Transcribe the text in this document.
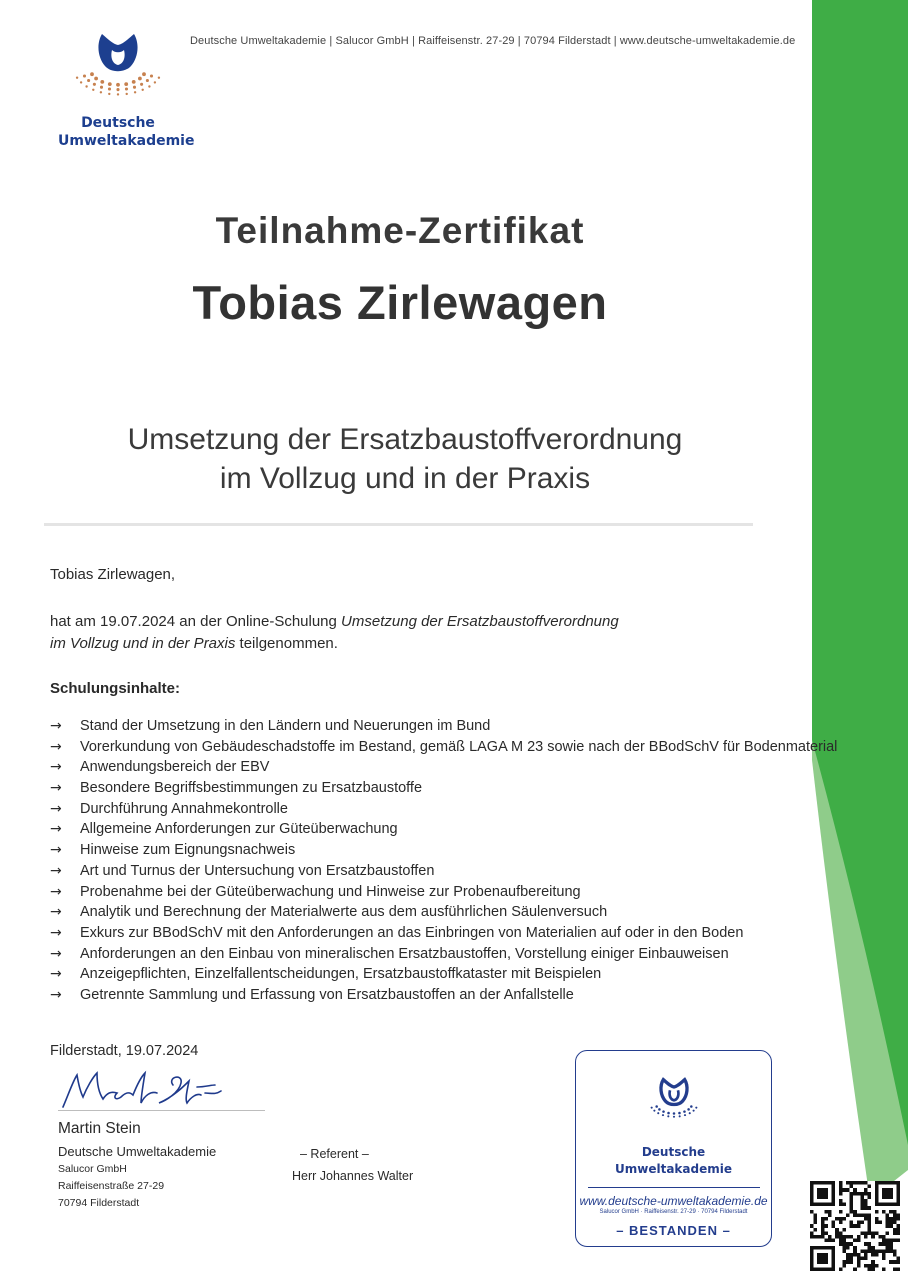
Deutsche Umweltakademie | Salucor GmbH | Raiffeisenstr. 27-29 | 70794 Filderstadt | www.deutsche-umweltakademie.de
Deutsche
Umweltakademie
Teilnahme-Zertifikat
Tobias Zirlewagen
Umsetzung der Ersatzbaustoffverordnung
im Vollzug und in der Praxis
Tobias Zirlewagen,
hat am 19.07.2024 an der Online-Schulung Umsetzung der Ersatzbaustoffverordnung
im Vollzug und in der Praxis teilgenommen.
Schulungsinhalte:
→ Stand der Umsetzung in den Ländern und Neuerungen im Bund
→ Vorerkundung von Gebäudeschadstoffe im Bestand, gemäß LAGA M 23 sowie nach der BBodSchV für Bodenmaterial
→ Anwendungsbereich der EBV
→ Besondere Begriffsbestimmungen zu Ersatzbaustoffe
→ Durchführung Annahmekontrolle
→ Allgemeine Anforderungen zur Güteüberwachung
→ Hinweise zum Eignungsnachweis
→ Art und Turnus der Untersuchung von Ersatzbaustoffen
→ Probenahme bei der Güteüberwachung und Hinweise zur Probenaufbereitung
→ Analytik und Berechnung der Materialwerte aus dem ausführlichen Säulenversuch
→ Exkurs zur BBodSchV mit den Anforderungen an das Einbringen von Materialien auf oder in den Boden
→ Anforderungen an den Einbau von mineralischen Ersatzbaustoffen, Vorstellung einiger Einbauweisen
→ Anzeigepflichten, Einzelfallentscheidungen, Ersatzbaustoffkataster mit Beispielen
→ Getrennte Sammlung und Erfassung von Ersatzbaustoffen an der Anfallstelle
Filderstadt, 19.07.2024
Martin Stein
Deutsche Umweltakademie
Salucor GmbH
Raiffeisenstraße 27-29
70794 Filderstadt
– Referent –
Herr Johannes Walter
Deutsche
Umweltakademie
www.deutsche-umweltakademie.de
Salucor GmbH · Raiffeisenstr. 27-29 · 70794 Filderstadt
– BESTANDEN –
